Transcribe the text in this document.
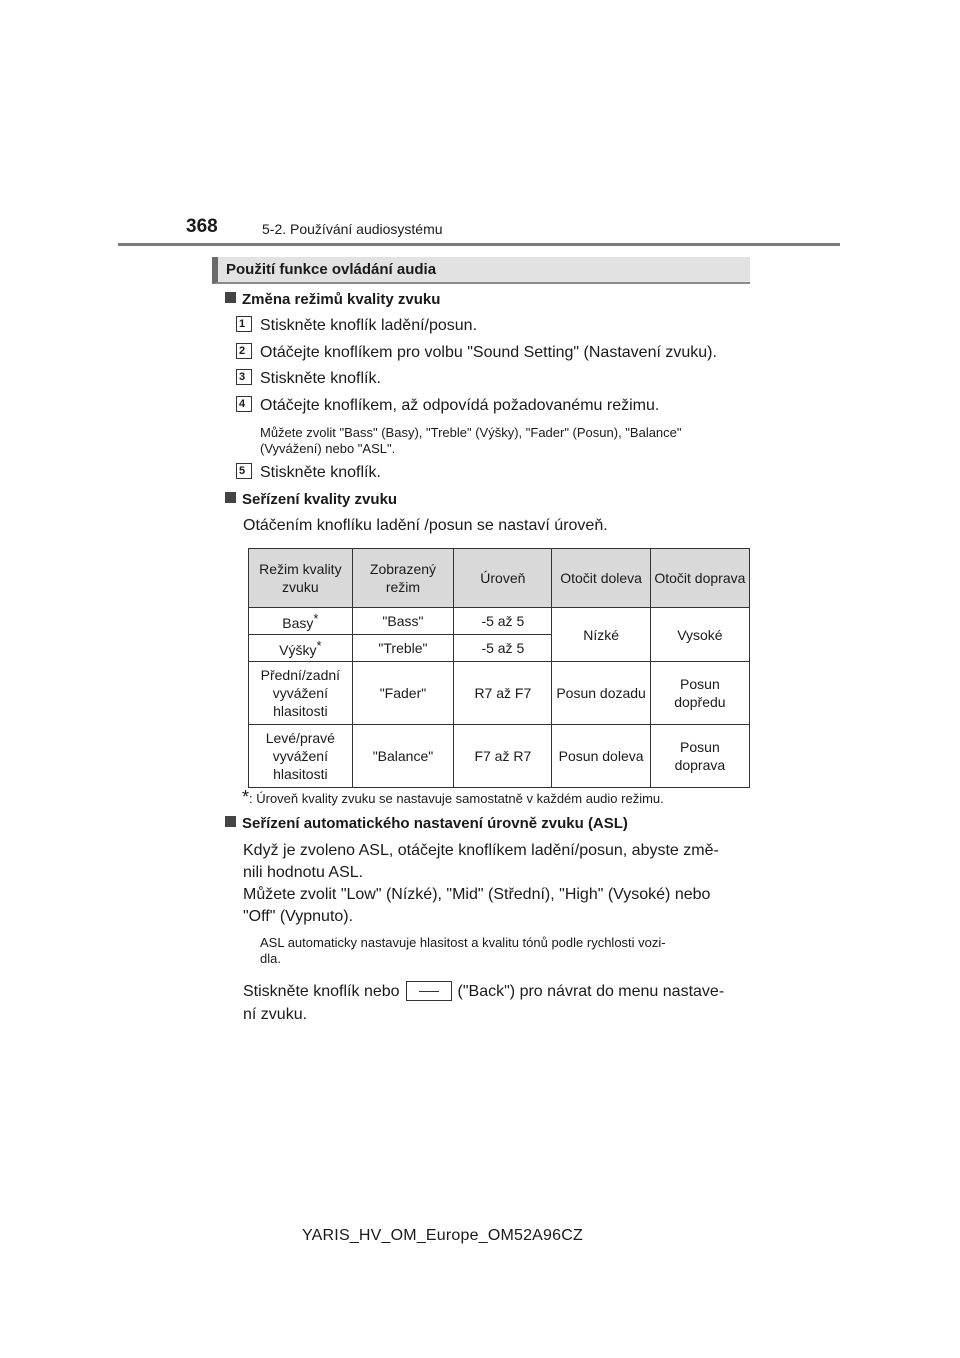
368	5-2. Používání audiosystému
Použití funkce ovládání audia
Změna režimů kvality zvuku
1 Stiskněte knoflík ladění/posun.
2 Otáčejte knoflíkem pro volbu "Sound Setting" (Nastavení zvuku).
3 Stiskněte knoflík.
4 Otáčejte knoflíkem, až odpovídá požadovanému režimu.
Můžete zvolit "Bass" (Basy), "Treble" (Výšky), "Fader" (Posun), "Balance"
(Vyvážení) nebo "ASL".
5 Stiskněte knoflík.
Seřízení kvality zvuku
Otáčením knoflíku ladění /posun se nastaví úroveň.
Režim kvality zvuku	Zobrazený režim	Úroveň	Otočit doleva	Otočit doprava
Basy*	"Bass"	-5 až 5	Nízké	Vysoké
Výšky*	"Treble"	-5 až 5		
Přední/zadní vyvážení hlasitosti	"Fader"	R7 až F7	Posun dozadu	Posun dopředu
Levé/pravé vyvážení hlasitosti	"Balance"	F7 až R7	Posun doleva	Posun doprava
*: Úroveň kvality zvuku se nastavuje samostatně v každém audio režimu.
Seřízení automatického nastavení úrovně zvuku (ASL)
Když je zvoleno ASL, otáčejte knoflíkem ladění/posun, abyste změ-
nili hodnotu ASL.
Můžete zvolit "Low" (Nízké), "Mid" (Střední), "High" (Vysoké) nebo
"Off" (Vypnuto).
ASL automaticky nastavuje hlasitost a kvalitu tónů podle rychlosti vozi-
dla.
Stiskněte knoflík nebo	("Back") pro návrat do menu nastave-
ní zvuku.
YARIS_HV_OM_Europe_OM52A96CZ
